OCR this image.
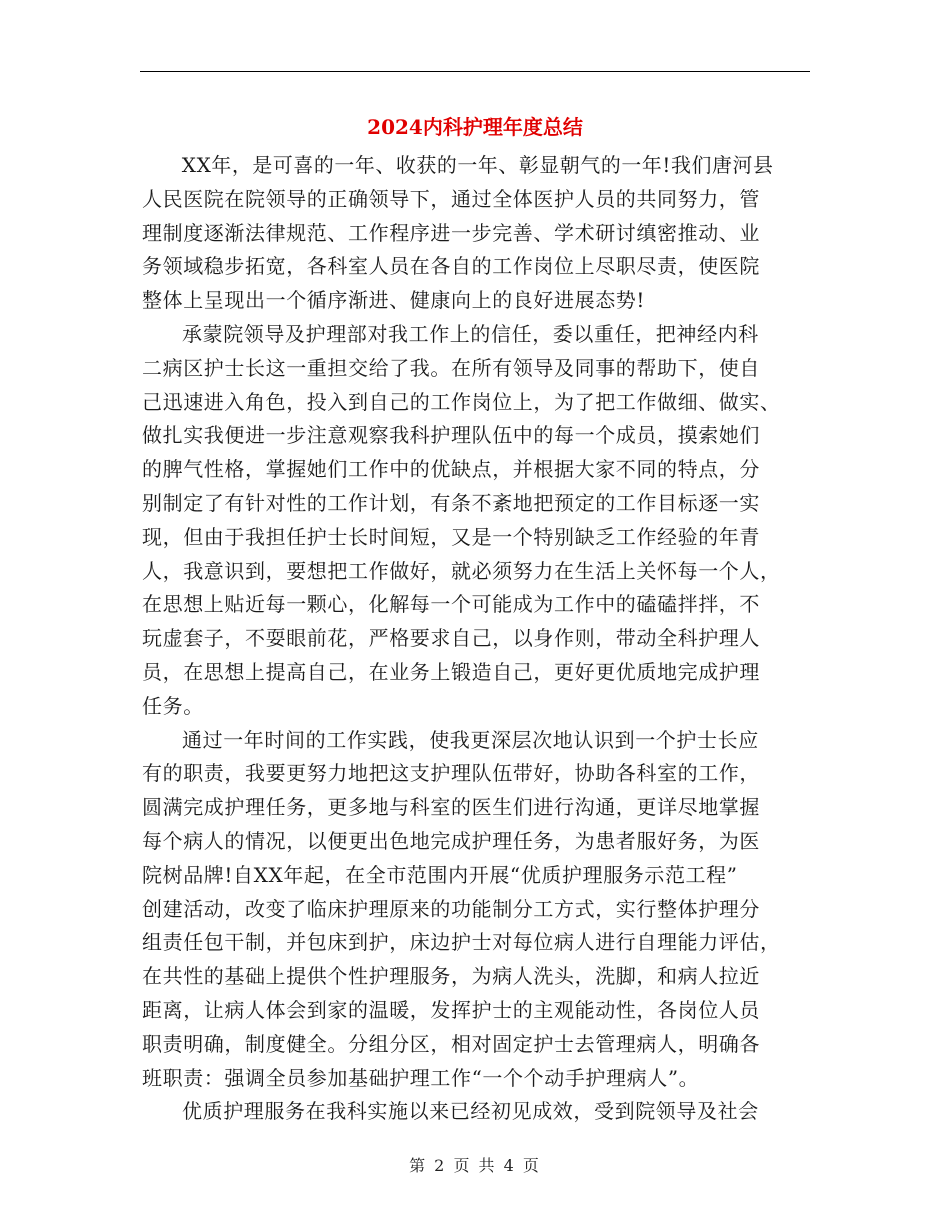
2024内科护理年度总结

XX年，是可喜的一年、收获的一年、彰显朝气的一年!我们唐河县
人民医院在院领导的正确领导下，通过全体医护人员的共同努力，管
理制度逐渐法律规范、工作程序进一步完善、学术研讨缜密推动、业
务领域稳步拓宽，各科室人员在各自的工作岗位上尽职尽责，使医院
整体上呈现出一个循序渐进、健康向上的良好进展态势!

承蒙院领导及护理部对我工作上的信任，委以重任，把神经内科
二病区护士长这一重担交给了我。在所有领导及同事的帮助下，使自
己迅速进入角色，投入到自己的工作岗位上，为了把工作做细、做实、
做扎实我便进一步注意观察我科护理队伍中的每一个成员，摸索她们
的脾气性格，掌握她们工作中的优缺点，并根据大家不同的特点，分
别制定了有针对性的工作计划，有条不紊地把预定的工作目标逐一实
现，但由于我担任护士长时间短，又是一个特别缺乏工作经验的年青
人，我意识到，要想把工作做好，就必须努力在生活上关怀每一个人，
在思想上贴近每一颗心，化解每一个可能成为工作中的磕磕拌拌，不
玩虚套子，不耍眼前花，严格要求自己，以身作则，带动全科护理人
员，在思想上提高自己，在业务上锻造自己，更好更优质地完成护理
任务。

通过一年时间的工作实践，使我更深层次地认识到一个护士长应
有的职责，我要更努力地把这支护理队伍带好，协助各科室的工作，
圆满完成护理任务，更多地与科室的医生们进行沟通，更详尽地掌握
每个病人的情况，以便更出色地完成护理任务，为患者服好务，为医
院树品牌!自XX年起，在全市范围内开展“优质护理服务示范工程”
创建活动，改变了临床护理原来的功能制分工方式，实行整体护理分
组责任包干制，并包床到护，床边护士对每位病人进行自理能力评估，
在共性的基础上提供个性护理服务，为病人洗头，洗脚，和病人拉近
距离，让病人体会到家的温暖，发挥护士的主观能动性，各岗位人员
职责明确，制度健全。分组分区，相对固定护士去管理病人，明确各
班职责：强调全员参加基础护理工作“一个个动手护理病人”。

优质护理服务在我科实施以来已经初见成效，受到院领导及社会

第 2 页 共 4 页
